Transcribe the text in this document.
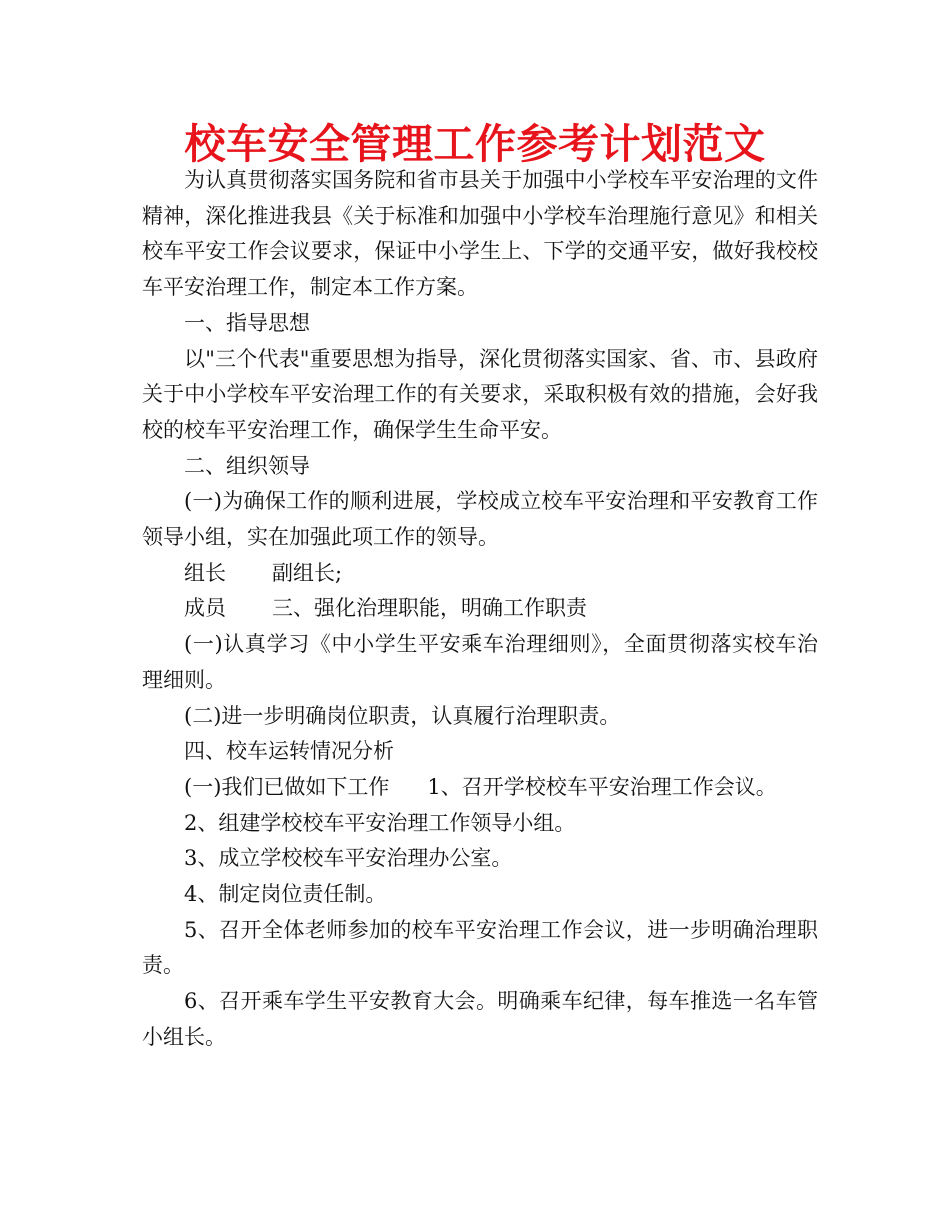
校车安全管理工作参考计划范文

为认真贯彻落实国务院和省市县关于加强中小学校车平安治理的文件精神，深化推进我县《关于标准和加强中小学校车治理施行意见》和相关校车平安工作会议要求，保证中小学生上、下学的交通平安，做好我校校车平安治理工作，制定本工作方案。

一、指导思想

以"三个代表"重要思想为指导，深化贯彻落实国家、省、市、县政府关于中小学校车平安治理工作的有关要求，采取积极有效的措施，会好我校的校车平安治理工作，确保学生生命平安。

二、组织领导

(一)为确保工作的顺利进展，学校成立校车平安治理和平安教育工作领导小组，实在加强此项工作的领导。

组长 副组长;

成员 三、强化治理职能，明确工作职责

(一)认真学习《中小学生平安乘车治理细则》，全面贯彻落实校车治理细则。

(二)进一步明确岗位职责，认真履行治理职责。

四、校车运转情况分析

(一)我们已做如下工作 1、召开学校校车平安治理工作会议。

2、组建学校校车平安治理工作领导小组。

3、成立学校校车平安治理办公室。

4、制定岗位责任制。

5、召开全体老师参加的校车平安治理工作会议，进一步明确治理职责。

6、召开乘车学生平安教育大会。明确乘车纪律，每车推选一名车管小组长。
